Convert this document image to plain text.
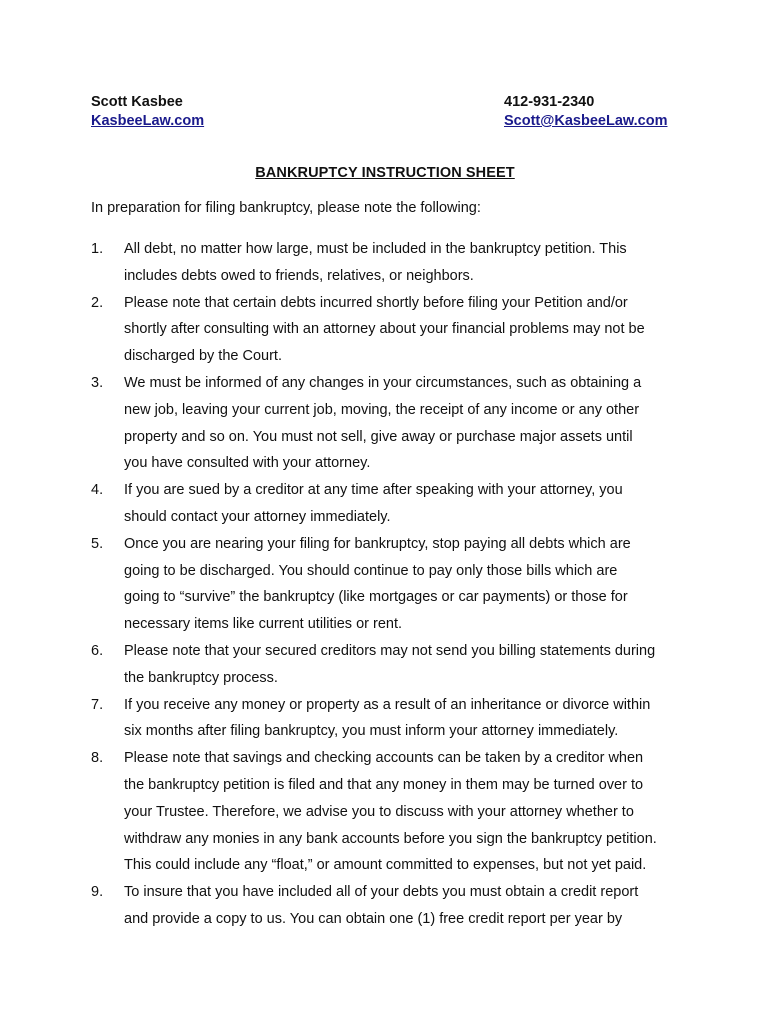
Scott Kasbee
KasbeeLaw.com
412-931-2340
Scott@KasbeeLaw.com
BANKRUPTCY INSTRUCTION SHEET
In preparation for filing bankruptcy, please note the following:
1. All debt, no matter how large, must be included in the bankruptcy petition. This
includes debts owed to friends, relatives, or neighbors.
2. Please note that certain debts incurred shortly before filing your Petition and/or
shortly after consulting with an attorney about your financial problems may not be
discharged by the Court.
3. We must be informed of any changes in your circumstances, such as obtaining a
new job, leaving your current job, moving, the receipt of any income or any other
property and so on. You must not sell, give away or purchase major assets until
you have consulted with your attorney.
4. If you are sued by a creditor at any time after speaking with your attorney, you
should contact your attorney immediately.
5. Once you are nearing your filing for bankruptcy, stop paying all debts which are
going to be discharged. You should continue to pay only those bills which are
going to “survive” the bankruptcy (like mortgages or car payments) or those for
necessary items like current utilities or rent.
6. Please note that your secured creditors may not send you billing statements during
the bankruptcy process.
7. If you receive any money or property as a result of an inheritance or divorce within
six months after filing bankruptcy, you must inform your attorney immediately.
8. Please note that savings and checking accounts can be taken by a creditor when
the bankruptcy petition is filed and that any money in them may be turned over to
your Trustee. Therefore, we advise you to discuss with your attorney whether to
withdraw any monies in any bank accounts before you sign the bankruptcy petition.
This could include any “float,” or amount committed to expenses, but not yet paid.
9. To insure that you have included all of your debts you must obtain a credit report
and provide a copy to us. You can obtain one (1) free credit report per year by
